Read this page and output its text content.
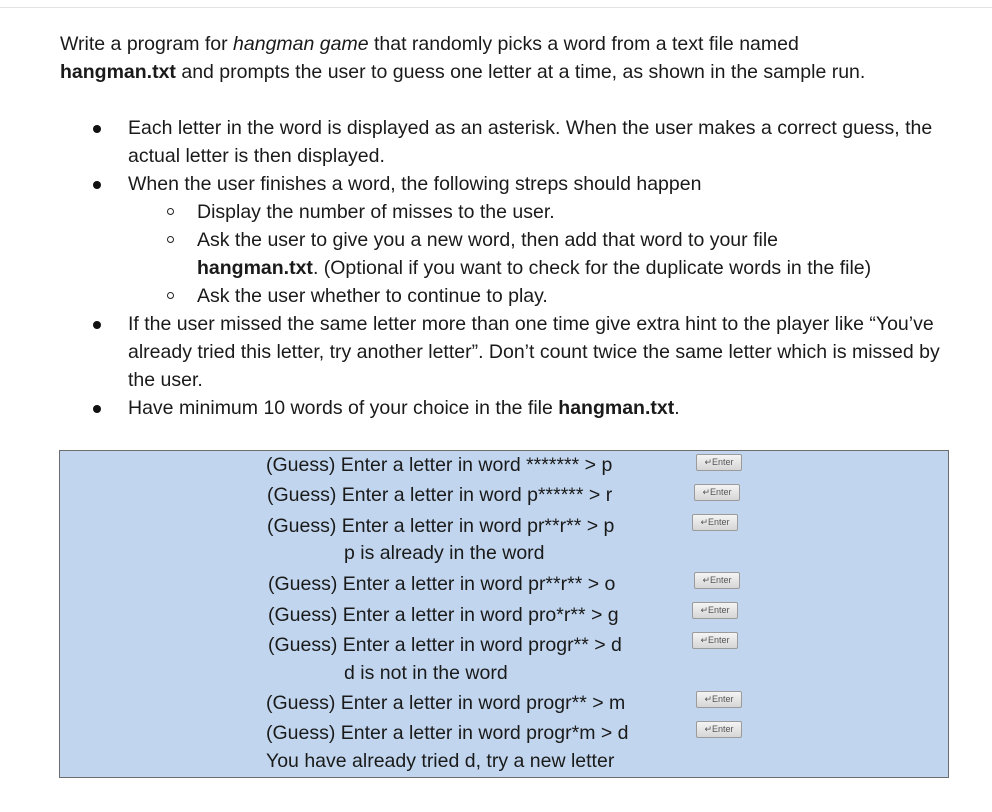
Write a program for hangman game that randomly picks a word from a text file named
hangman.txt and prompts the user to guess one letter at a time, as shown in the sample run.

Each letter in the word is displayed as an asterisk. When the user makes a correct guess, the actual letter is then displayed.
When the user finishes a word, the following streps should happen
Display the number of misses to the user.
Ask the user to give you a new word, then add that word to your file
hangman.txt. (Optional if you want to check for the duplicate words in the file)
Ask the user whether to continue to play.
If the user missed the same letter more than one time give extra hint to the player like “You’ve already tried this letter, try another letter”. Don’t count twice the same letter which is missed by the user.
Have minimum 10 words of your choice in the file hangman.txt.
(Guess) Enter a letter in word ******* > p
(Guess) Enter a letter in word p****** > r
(Guess) Enter a letter in word pr**r** > p
p is already in the word
(Guess) Enter a letter in word pr**r** > o
(Guess) Enter a letter in word pro*r** > g
(Guess) Enter a letter in word progr** > d
d is not in the word
(Guess) Enter a letter in word progr** > m
(Guess) Enter a letter in word progr*m > d
You have already tried d, try a new letter
↵Enter
↵Enter
↵Enter
↵Enter
↵Enter
↵Enter
↵Enter
↵Enter
